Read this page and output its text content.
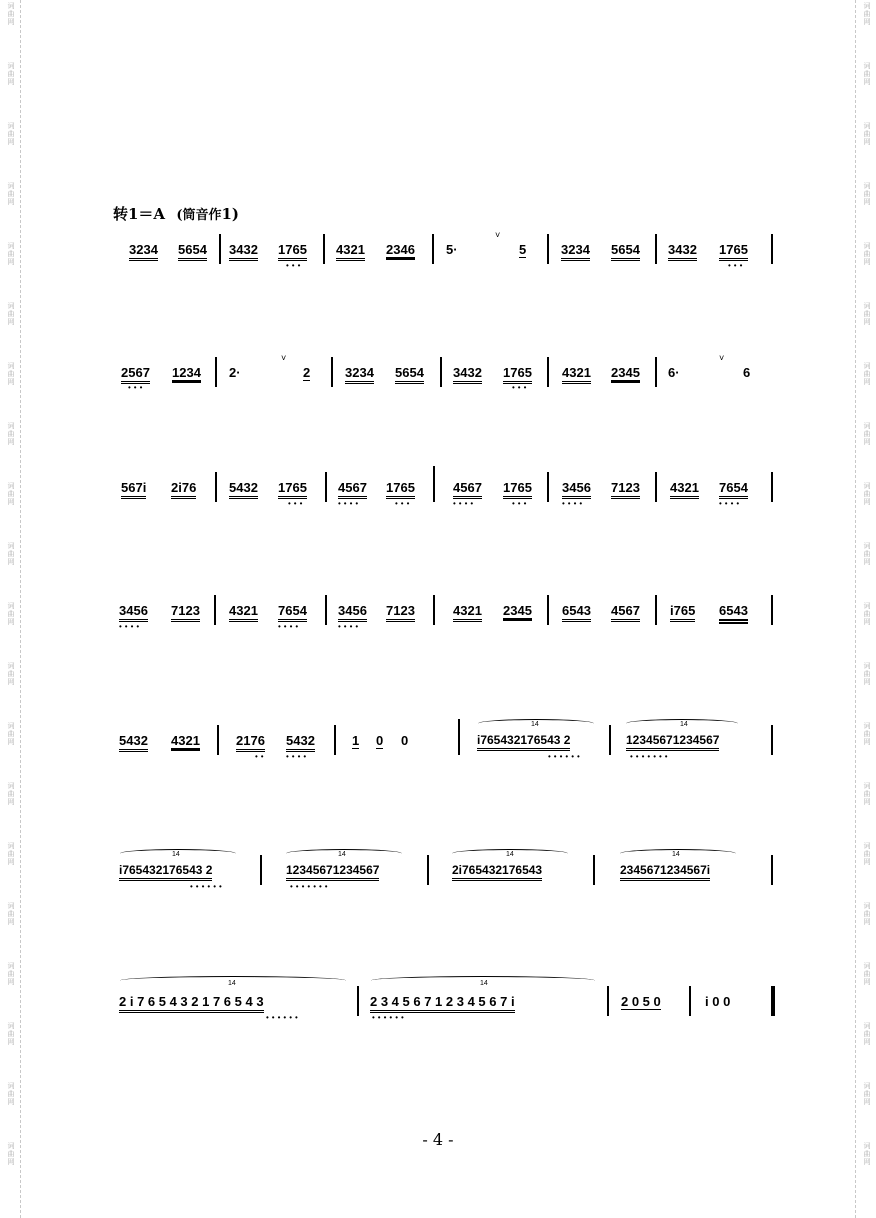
词
曲
网
词
曲
网
词
曲
网
词
曲
网
词
曲
网
词
曲
网
词
曲
网
词
曲
网
词
曲
网
词
曲
网
词
曲
网
词
曲
网
词
曲
网
词
曲
网
词
曲
网
词
曲
网
词
曲
网
词
曲
网
词
曲
网
词
曲
网
词
曲
网
词
曲
网
词
曲
网
词
曲
网
词
曲
网
词
曲
网
词
曲
网
词
曲
网
词
曲
网
词
曲
网
词
曲
网
词
曲
网
词
曲
网
词
曲
网
词
曲
网
词
曲
网
词
曲
网
词
曲
网
词
曲
网
词
曲
网
转1＝A (筒音作1)
3234 5654 3432 1765
•••
4321 2346 5·
˅
5	3234 5654 3432 1765
•••
2567
•••
1234 2·
˅
2	3234 5654 3432 1765
•••
4321 2345 6·
˅
6
567i 2i76	5432 1765
•••
4567
••••
1765
•••
4567
••••
1765
•••
3456
••••
7123 4321 7654
••••
3456
••••
7123 4321 7654
••••
3456
••••
7123	4321 2345 6543 4567 i765 6543
5432 4321	2176
••
5432
••••
1 0 0
14
i765432176543 2
••••••
14
12345671234567
•••••••
14
i765432176543 2
••••••
14
12345671234567
•••••••
14
2i765432176543
14
2345671234567i
14
2 i 7 6 5 4 3 2 1 7 6 5 4 3
••••••
14
2 3 4 5 6 7 1 2 3 4 5 6 7 i
••••••
2 0 5 0	i 0 0
- 4 -
